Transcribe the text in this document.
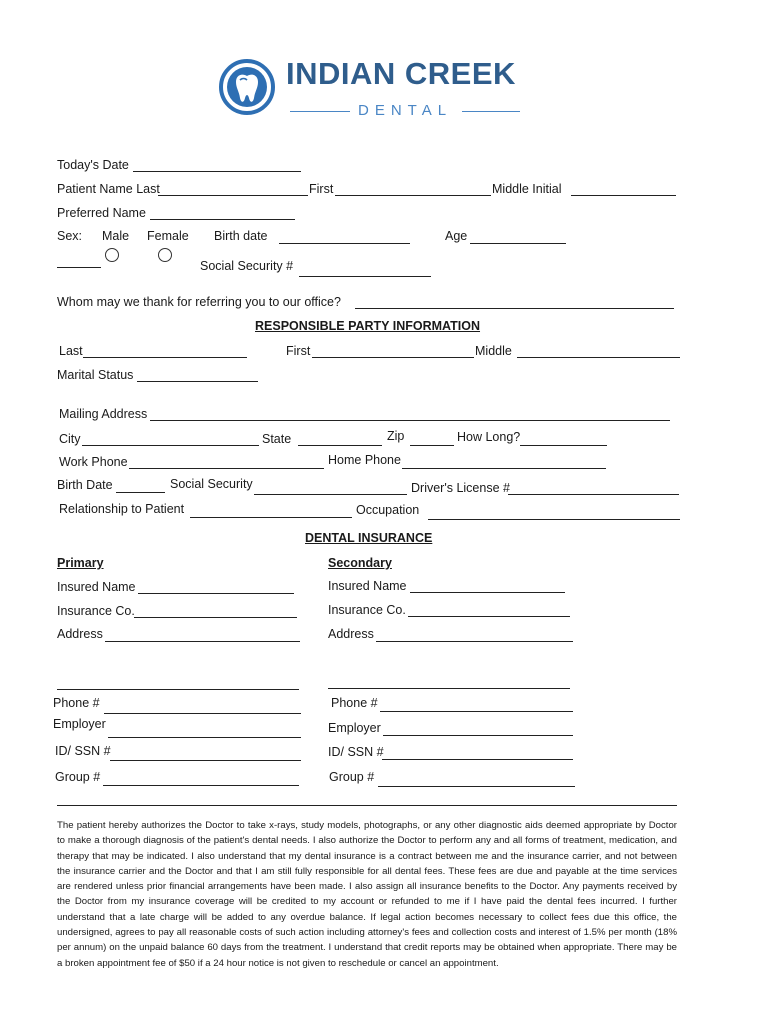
INDIAN CREEK
DENTAL
Today's Date
Patient Name Last	First	Middle Initial
Preferred Name
Sex: Male Female Birth date	Age
Social Security #
Whom may we thank for referring you to our office?
RESPONSIBLE PARTY INFORMATION
Last	First	Middle
Marital Status
Mailing Address
City	State	Zip	How Long?
Work Phone	Home Phone
Birth Date	Social Security	Driver's License #
Relationship to Patient	Occupation
DENTAL INSURANCE
Primary
Insured Name
Insurance Co.
Address
Phone #
Employer
ID/ SSN #
Group #
Secondary
Insured Name
Insurance Co.
Address
Phone #
Employer
ID/ SSN #
Group #
The patient hereby authorizes the Doctor to take x-rays, study models, photographs, or any other diagnostic aids deemed appropriate by Doctor to make a thorough diagnosis of the patient's dental needs. I also authorize the Doctor to perform any and all forms of treatment, medication, and therapy that may be indicated. I also understand that my dental insurance is a contract between me and the insurance carrier, and not between the insurance carrier and the Doctor and that I am still fully responsible for all dental fees. These fees are due and payable at the time services are rendered unless prior financial arrangements have been made. I also assign all insurance benefits to the Doctor. Any payments received by the Doctor from my insurance coverage will be credited to my account or refunded to me if I have paid the dental fees incurred. I further understand that a late charge will be added to any overdue balance. If legal action becomes necessary to collect fees due this office, the undersigned, agrees to pay all reasonable costs of such action including attorney's fees and collection costs and interest of 1.5% per month (18% per annum) on the unpaid balance 60 days from the treatment. I understand that credit reports may be obtained when appropriate. There may be a broken appointment fee of $50 if a 24 hour notice is not given to reschedule or cancel an appointment.
